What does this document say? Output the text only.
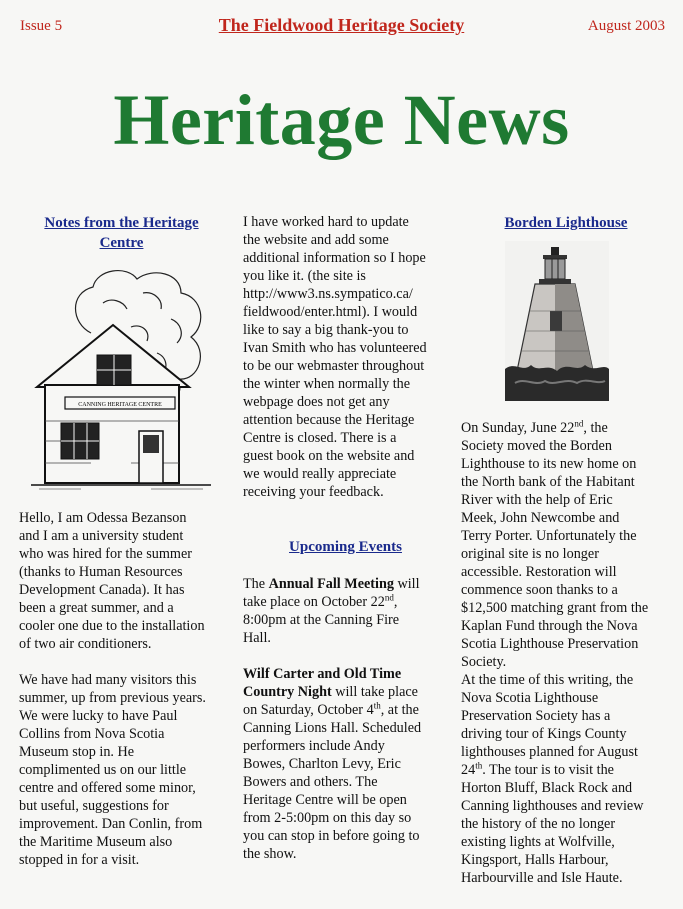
Issue 5	The Fieldwood Heritage Society	August 2003
Heritage News
Notes from the Heritage
Centre
CANNING HERITAGE CENTRE

Hello, I am Odessa Bezanson

and I am a university student

who was hired for the summer

(thanks to Human Resources

Development Canada). It has

been a great summer, and a

cooler one due to the installation

of two air conditioners.

We have had many visitors this

summer, up from previous years.

We were lucky to have Paul

Collins from Nova Scotia

Museum stop in. He

complimented us on our little

centre and offered some minor,

but useful, suggestions for

improvement. Dan Conlin, from

the Maritime Museum also

stopped in for a visit.

I have worked hard to update

the website and add some

additional information so I hope

you like it. (the site is

http://www3.ns.sympatico.ca/

fieldwood/enter.html). I would

like to say a big thank-you to

Ivan Smith who has volunteered

to be our webmaster throughout

the winter when normally the

webpage does not get any

attention because the Heritage

Centre is closed. There is a

guest book on the website and

we would really appreciate

receiving your feedback.

Upcoming Events

The Annual Fall Meeting will

take place on October 22nd,

8:00pm at the Canning Fire

Hall.

Wilf Carter and Old Time

Country Night will take place

on Saturday, October 4th, at the

Canning Lions Hall. Scheduled

performers include Andy

Bowes, Charlton Levy, Eric

Bowers and others. The

Heritage Centre will be open

from 2-5:00pm on this day so

you can stop in before going to

the show.

Borden Lighthouse

On Sunday, June 22nd, the

Society moved the Borden

Lighthouse to its new home on

the North bank of the Habitant

River with the help of Eric

Meek, John Newcombe and

Terry Porter. Unfortunately the

original site is no longer

accessible. Restoration will

commence soon thanks to a

$12,500 matching grant from the

Kaplan Fund through the Nova

Scotia Lighthouse Preservation

Society.

At the time of this writing, the

Nova Scotia Lighthouse

Preservation Society has a

driving tour of Kings County

lighthouses planned for August

24th. The tour is to visit the

Horton Bluff, Black Rock and

Canning lighthouses and review

the history of the no longer

existing lights at Wolfville,

Kingsport, Halls Harbour,

Harbourville and Isle Haute.
